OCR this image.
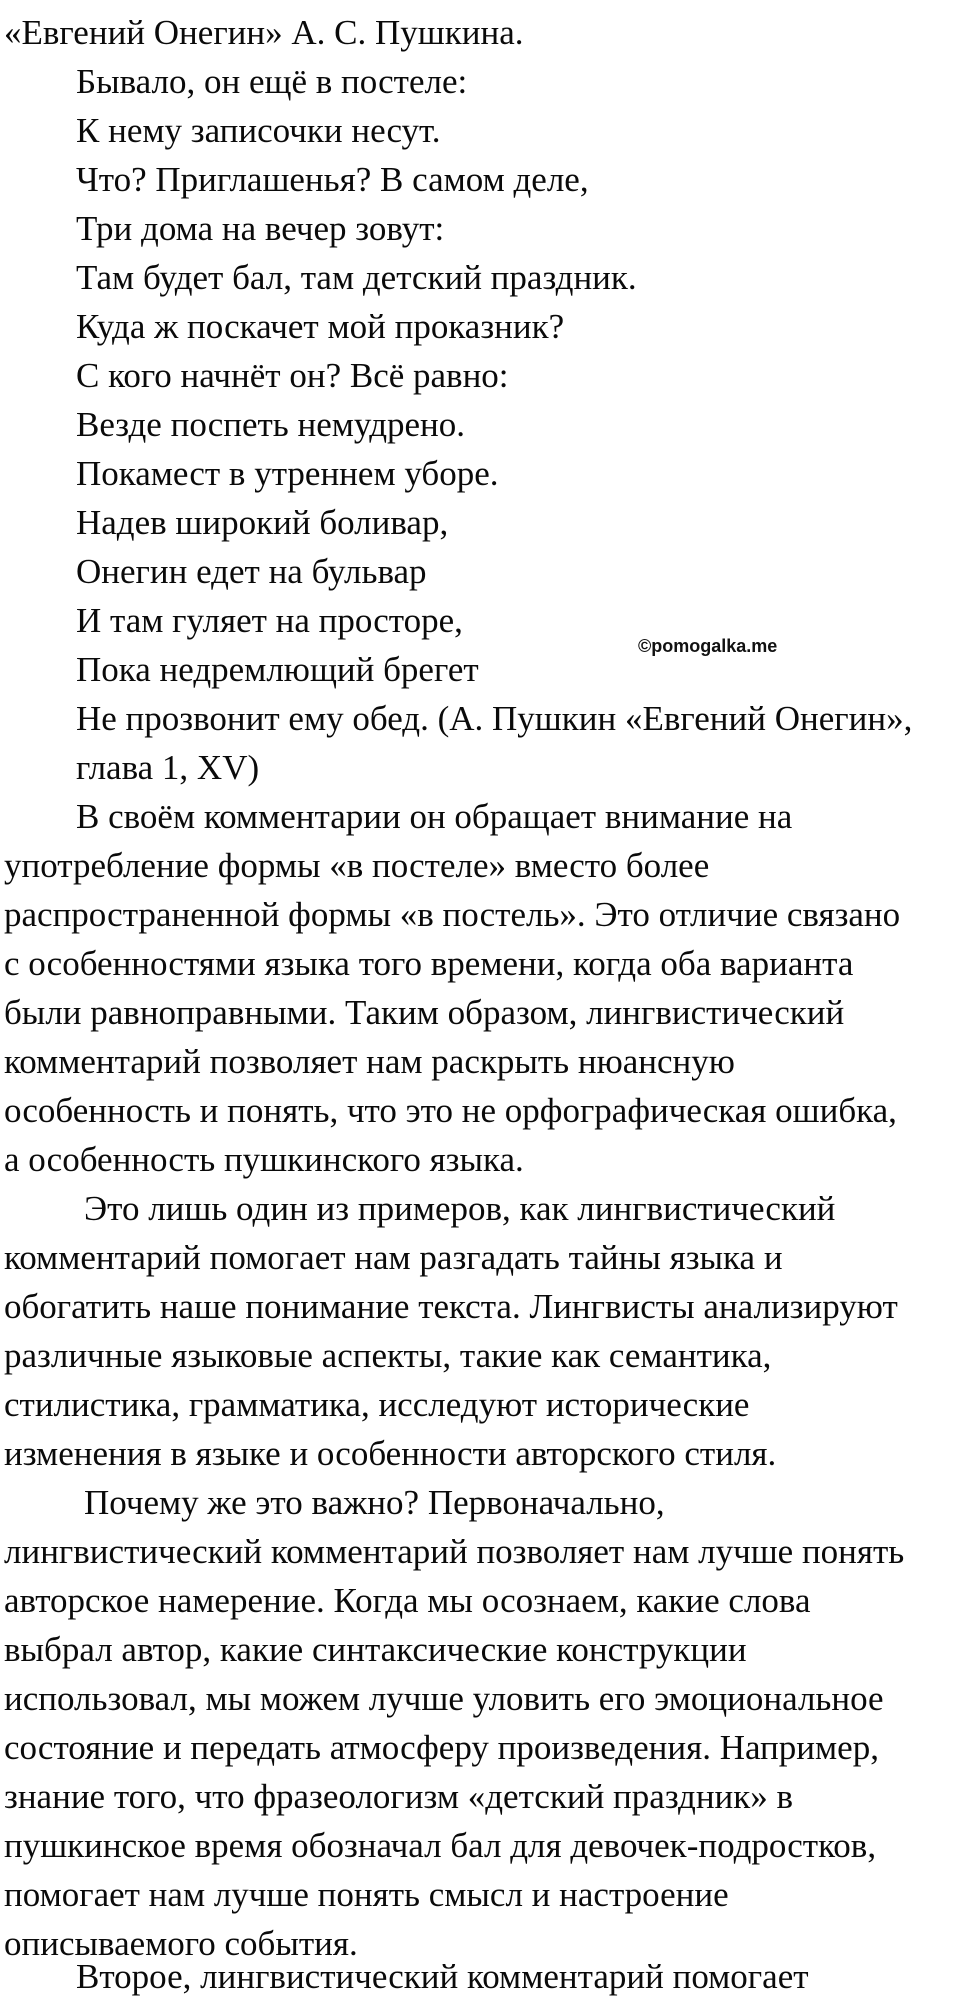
«Евгений Онегин» А. С. Пушкина.
Бывало, он ещё в постеле:
К нему записочки несут.
Что? Приглашенья? В самом деле,
Три дома на вечер зовут:
Там будет бал, там детский праздник.
Куда ж поскачет мой проказник?
С кого начнёт он? Всё равно:
Везде поспеть немудрено.
Покамест в утреннем уборе.
Надев широкий боливар,
Онегин едет на бульвар
И там гуляет на просторе,
Пока недремлющий брегет
Не прозвонит ему обед. (А. Пушкин «Евгений Онегин»,
глава 1, XV)
В своём комментарии он обращает внимание на
употребление формы «в постеле» вместо более
распространенной формы «в постель». Это отличие связано
с особенностями языка того времени, когда оба варианта
были равноправными. Таким образом, лингвистический
комментарий позволяет нам раскрыть нюансную
особенность и понять, что это не орфографическая ошибка,
а особенность пушкинского языка.
Это лишь один из примеров, как лингвистический
комментарий помогает нам разгадать тайны языка и
обогатить наше понимание текста. Лингвисты анализируют
различные языковые аспекты, такие как семантика,
стилистика, грамматика, исследуют исторические
изменения в языке и особенности авторского стиля.
Почему же это важно? Первоначально,
лингвистический комментарий позволяет нам лучше понять
авторское намерение. Когда мы осознаем, какие слова
выбрал автор, какие синтаксические конструкции
использовал, мы можем лучше уловить его эмоциональное
состояние и передать атмосферу произведения. Например,
знание того, что фразеологизм «детский праздник» в
пушкинское время обозначал бал для девочек-подростков,
помогает нам лучше понять смысл и настроение
описываемого события.
Второе, лингвистический комментарий помогает
©pomogalka.me
